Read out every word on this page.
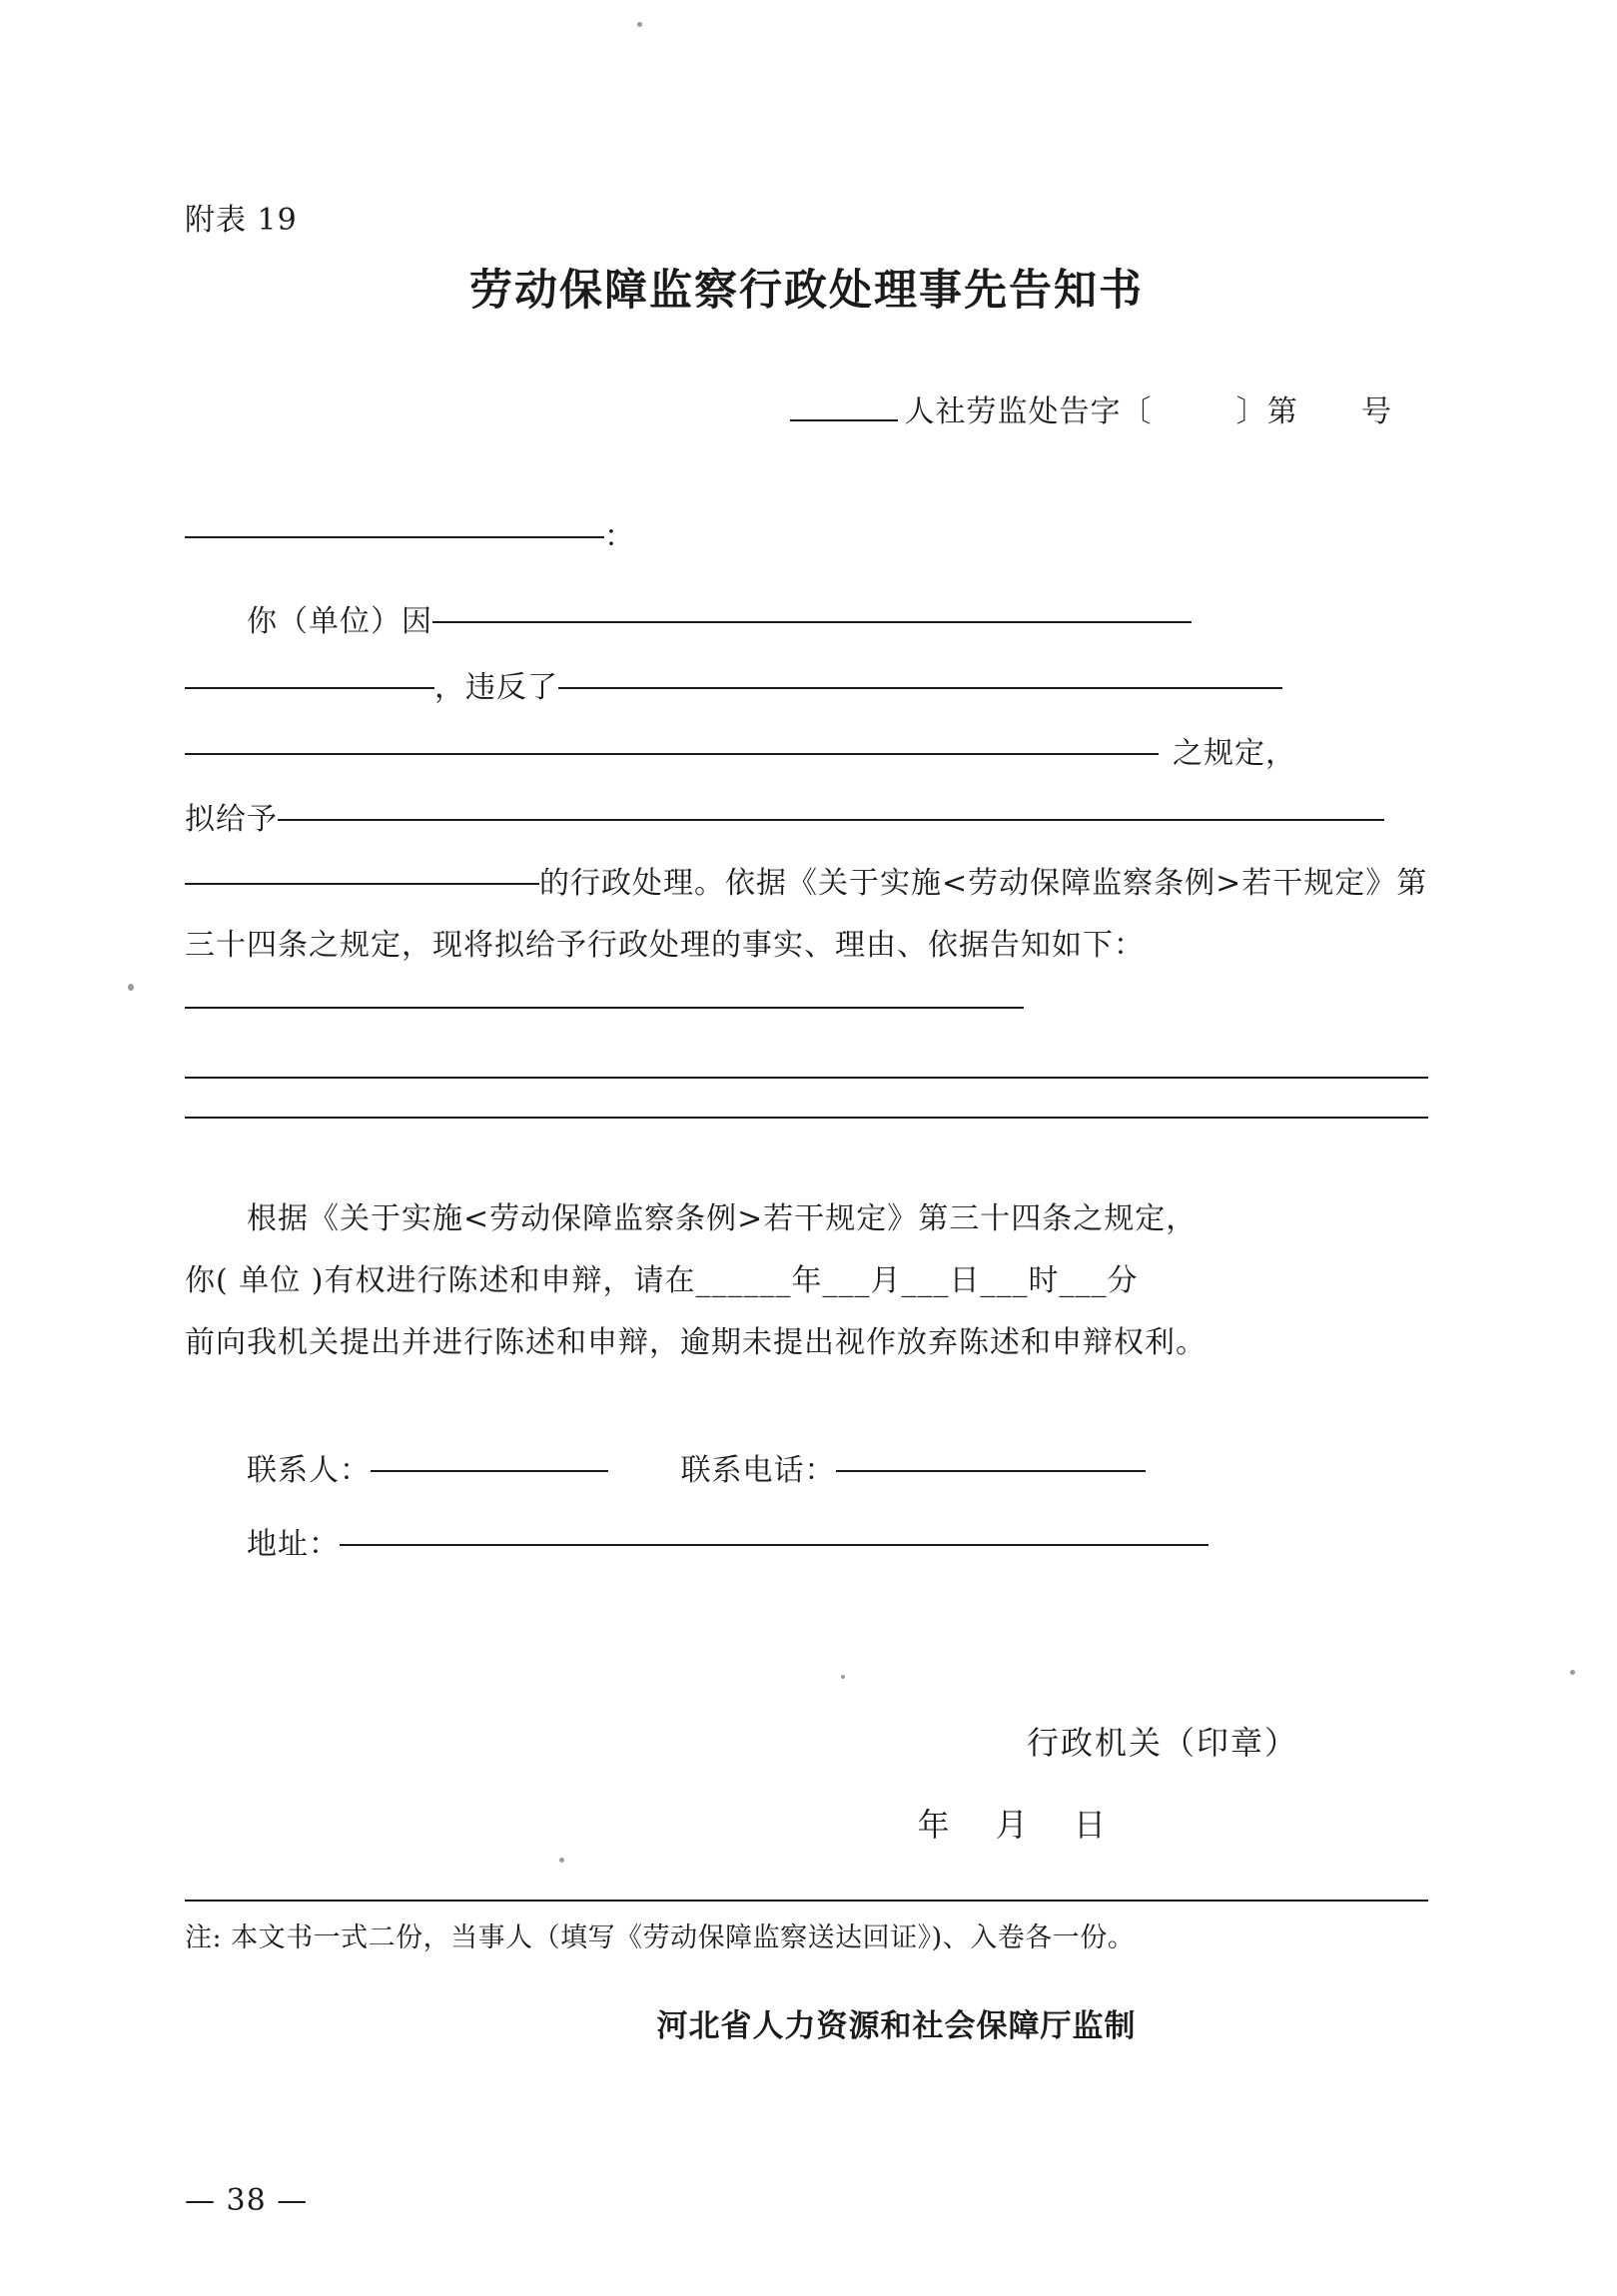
附表 19
劳动保障监察行政处理事先告知书

人社劳监处告字〔        〕第      号

：
你（单位）因
，违反了
之规定，
拟给予
的行政处理。依据《关于实施<劳动保障监察条例>若干规定》第三十四条之规定，现将拟给予行政处理的事实、理由、依据告知如下：
根据《关于实施<劳动保障监察条例>若干规定》第三十四条之规定，
你( 单位 )有权进行陈述和申辩，请在______年___月___日___时___分
前向我机关提出并进行陈述和申辩，逾期未提出视作放弃陈述和申辩权利。
联系人：	联系电话：
地址：
行政机关（印章）
年 月 日
注: 本文书一式二份，当事人（填写《劳动保障监察送达回证》)、入卷各一份。
河北省人力资源和社会保障厅监制
— 38 —
